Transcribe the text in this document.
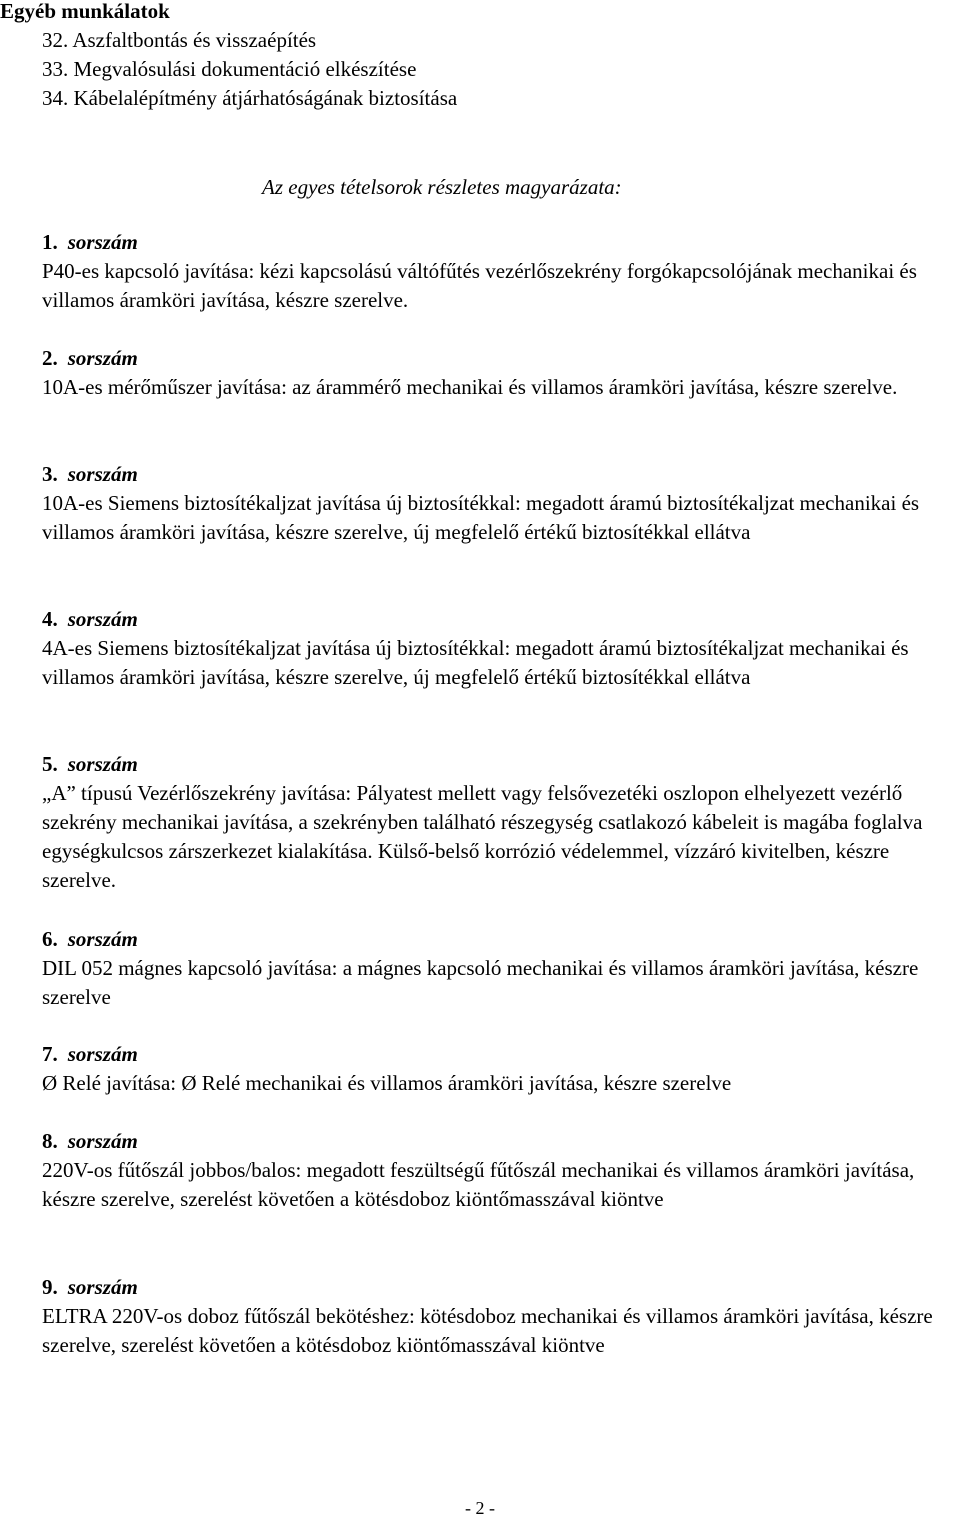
Egyéb munkálatok
32. Aszfaltbontás és visszaépítés
33. Megvalósulási dokumentáció elkészítése
34. Kábelalépítmény átjárhatóságának biztosítása

Az egyes tételsorok részletes magyarázata:

1. sorszám

P40-es kapcsoló javítása: kézi kapcsolású váltófűtés vezérlőszekrény forgókapcsolójának mechanikai és villamos áramköri javítása, készre szerelve.

2. sorszám

10A-es mérőműszer javítása: az árammérő mechanikai és villamos áramköri javítása, készre szerelve.

3. sorszám

10A-es Siemens biztosítékaljzat javítása új biztosítékkal: megadott áramú biztosítékaljzat mechanikai és villamos áramköri javítása, készre szerelve, új megfelelő értékű biztosítékkal ellátva

4. sorszám

4A-es Siemens biztosítékaljzat javítása új biztosítékkal: megadott áramú biztosítékaljzat mechanikai és villamos áramköri javítása, készre szerelve, új megfelelő értékű biztosítékkal ellátva

5. sorszám

„A” típusú Vezérlőszekrény javítása: Pályatest mellett vagy felsővezetéki oszlopon elhelyezett vezérlő szekrény mechanikai javítása, a szekrényben található részegység csatlakozó kábeleit is magába foglalva egységkulcsos zárszerkezet kialakítása. Külső-belső korrózió védelemmel, vízzáró kivitelben, készre szerelve.

6. sorszám

DIL 052 mágnes kapcsoló javítása: a mágnes kapcsoló mechanikai és villamos áramköri javítása, készre szerelve

7. sorszám

Ø Relé javítása: Ø Relé mechanikai és villamos áramköri javítása, készre szerelve

8. sorszám

220V-os fűtőszál jobbos/balos: megadott feszültségű fűtőszál mechanikai és villamos áramköri javítása, készre szerelve, szerelést követően a kötésdoboz kiöntőmasszával kiöntve

9. sorszám

ELTRA 220V-os doboz fűtőszál bekötéshez: kötésdoboz mechanikai és villamos áramköri javítása, készre szerelve, szerelést követően a kötésdoboz kiöntőmasszával kiöntve

- 2 -
